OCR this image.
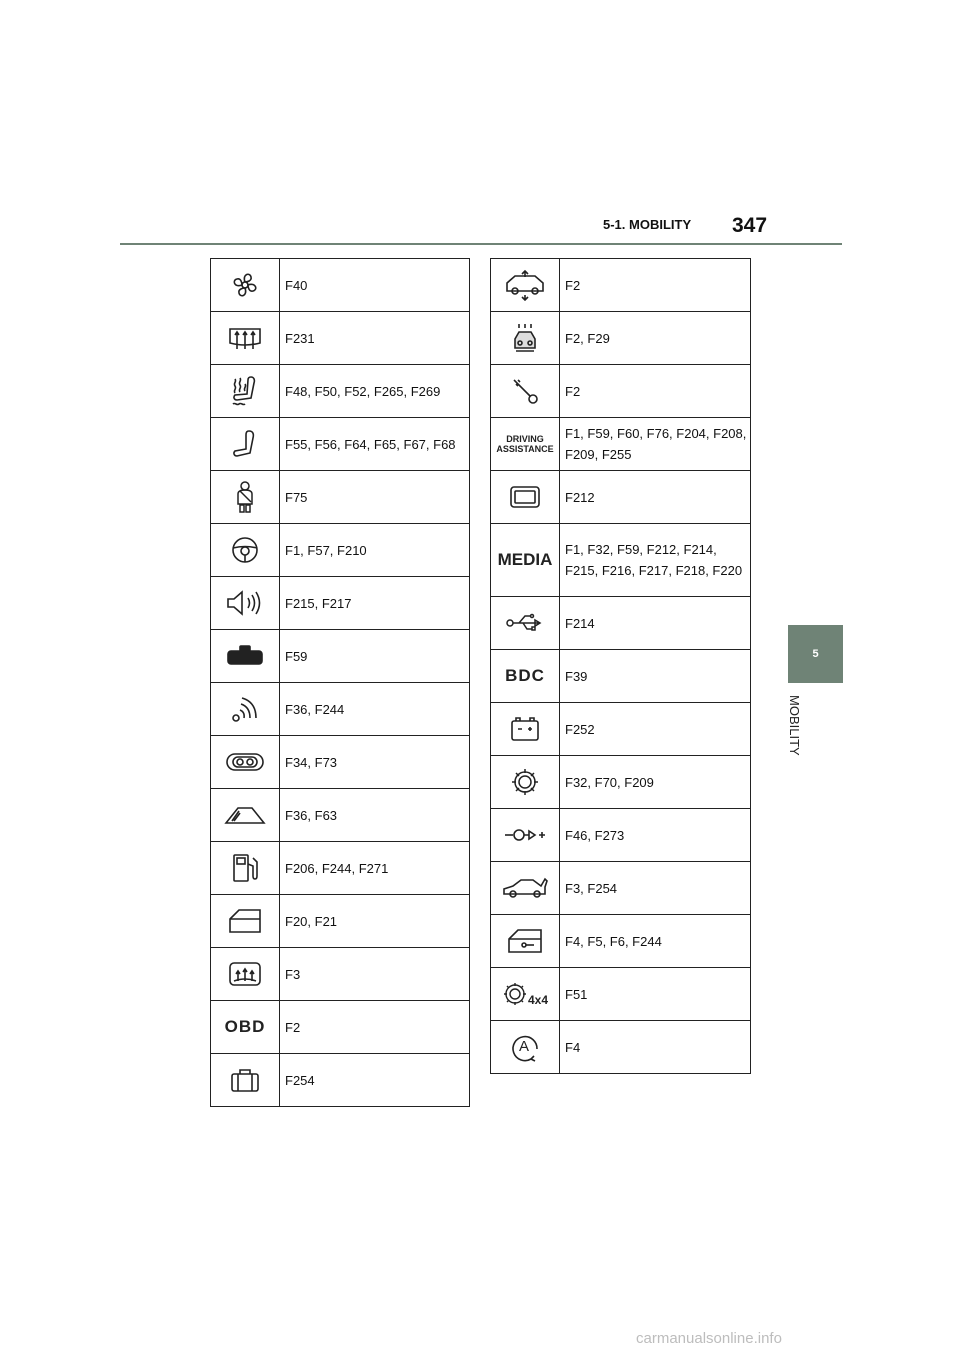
5-1. MOBILITY 347
5
MOBILITY
	F40

	F231

	F48, F50, F52, F265, F269

	F55, F56, F64, F65, F67, F68

	F75

	F1, F57, F210

	F215, F217

	F59

	F36, F244

	F34, F73

	F36, F63

	F206, F244, F271

	F20, F21

	F3
OBD	F2

	F254
	F2

	F2, F29

	F2

DRIVING
ASSISTANCE	F1, F59, F60, F76, F204, F208, F209, F255

	F212
MEDIA	F1, F32, F59, F212, F214, F215, F216, F217, F218, F220

	F214
BDC	F39

	F252

	F32, F70, F209

	F46, F273

	F3, F254

	F4, F5, F6, F244
4x4	F51

A	F4
carmanualsonline.info
